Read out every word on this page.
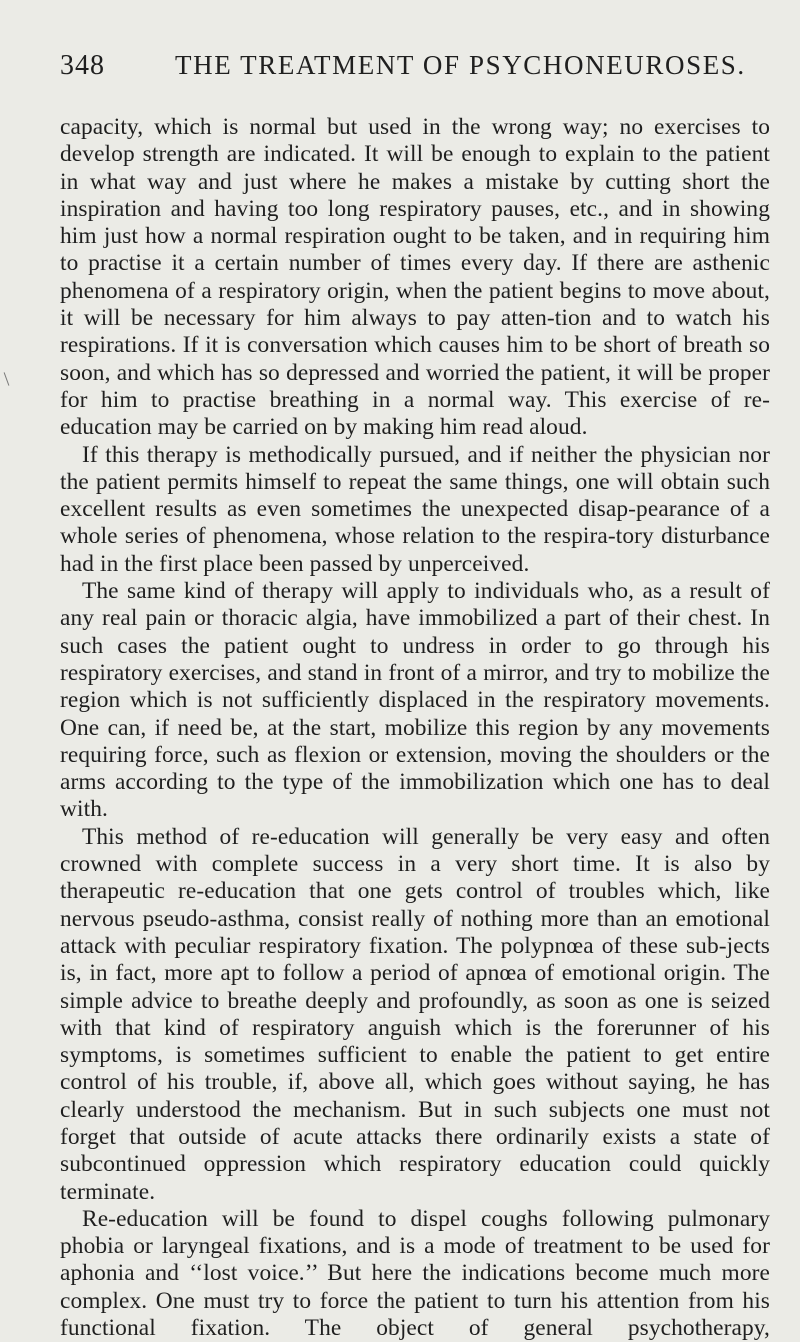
348	THE TREATMENT OF PSYCHONEUROSES.

capacity, which is normal but used in the wrong way; no exercises to develop strength are indicated. It will be enough to explain to the patient in what way and just where he makes a mistake by cutting short the inspiration and having too long respiratory pauses, etc., and in showing him just how a normal respiration ought to be taken, and in requiring him to practise it a certain number of times every day. If there are asthenic phenomena of a respiratory origin, when the patient begins to move about, it will be necessary for him always to pay atten-tion and to watch his respirations. If it is conversation which causes him to be short of breath so soon, and which has so depressed and worried the patient, it will be proper for him to practise breathing in a normal way. This exercise of re-education may be carried on by making him read aloud.

If this therapy is methodically pursued, and if neither the physician nor the patient permits himself to repeat the same things, one will obtain such excellent results as even sometimes the unexpected disap-pearance of a whole series of phenomena, whose relation to the respira-tory disturbance had in the first place been passed by unperceived.

The same kind of therapy will apply to individuals who, as a result of any real pain or thoracic algia, have immobilized a part of their chest. In such cases the patient ought to undress in order to go through his respiratory exercises, and stand in front of a mirror, and try to mobilize the region which is not sufficiently displaced in the respiratory movements. One can, if need be, at the start, mobilize this region by any movements requiring force, such as flexion or extension, moving the shoulders or the arms according to the type of the immobilization which one has to deal with.

This method of re-education will generally be very easy and often crowned with complete success in a very short time. It is also by therapeutic re-education that one gets control of troubles which, like nervous pseudo-asthma, consist really of nothing more than an emotional attack with peculiar respiratory fixation. The polypnœa of these sub-jects is, in fact, more apt to follow a period of apnœa of emotional origin. The simple advice to breathe deeply and profoundly, as soon as one is seized with that kind of respiratory anguish which is the forerunner of his symptoms, is sometimes sufficient to enable the patient to get entire control of his trouble, if, above all, which goes without saying, he has clearly understood the mechanism. But in such subjects one must not forget that outside of acute attacks there ordinarily exists a state of subcontinued oppression which respiratory education could quickly terminate.

Re-education will be found to dispel coughs following pulmonary phobia or laryngeal fixations, and is a mode of treatment to be used for aphonia and ‘‘lost voice.’’ But here the indications become much more complex. One must try to force the patient to turn his attention from his functional fixation. The object of general psychotherapy,
